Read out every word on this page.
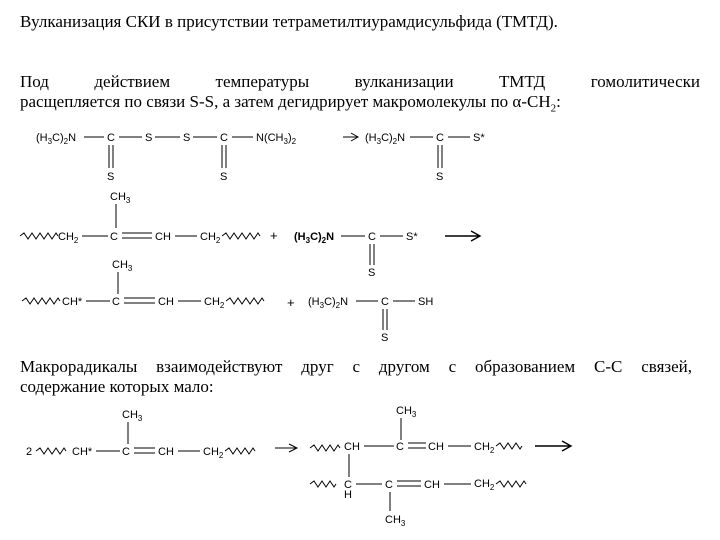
Вулканизация СКИ в присутствии тетраметилтиурамдисульфида (ТМТД).
Под действием температуры вулканизации ТМТД гомолитически
расщепляется по связи S-S, а затем дегидрирует макромолекулы по $\alpha-CH_2$:
Макрорадикалы взаимодействуют друг с другом с образованием С-С связей,
содержание которых мало:
$(H_3C)_2N$	C	S	S	C	$N(CH_3)_2$
S	S
$(H_3C)_2N$	C	S*
S
$CH_3$
$CH_2$	C	CH	$CH_2$	+ $(H_3C)_2N$	C	S*
S
$CH_3$
CH*	C	CH	$CH_2$	+ $(H_3C)_2N$	C	SH
S
$CH_3$
2	CH*	C	CH	$CH_2$
$CH_3$
CH	C CH	$CH_2$
C
H
C	CH	$CH_2$
$CH_3$
